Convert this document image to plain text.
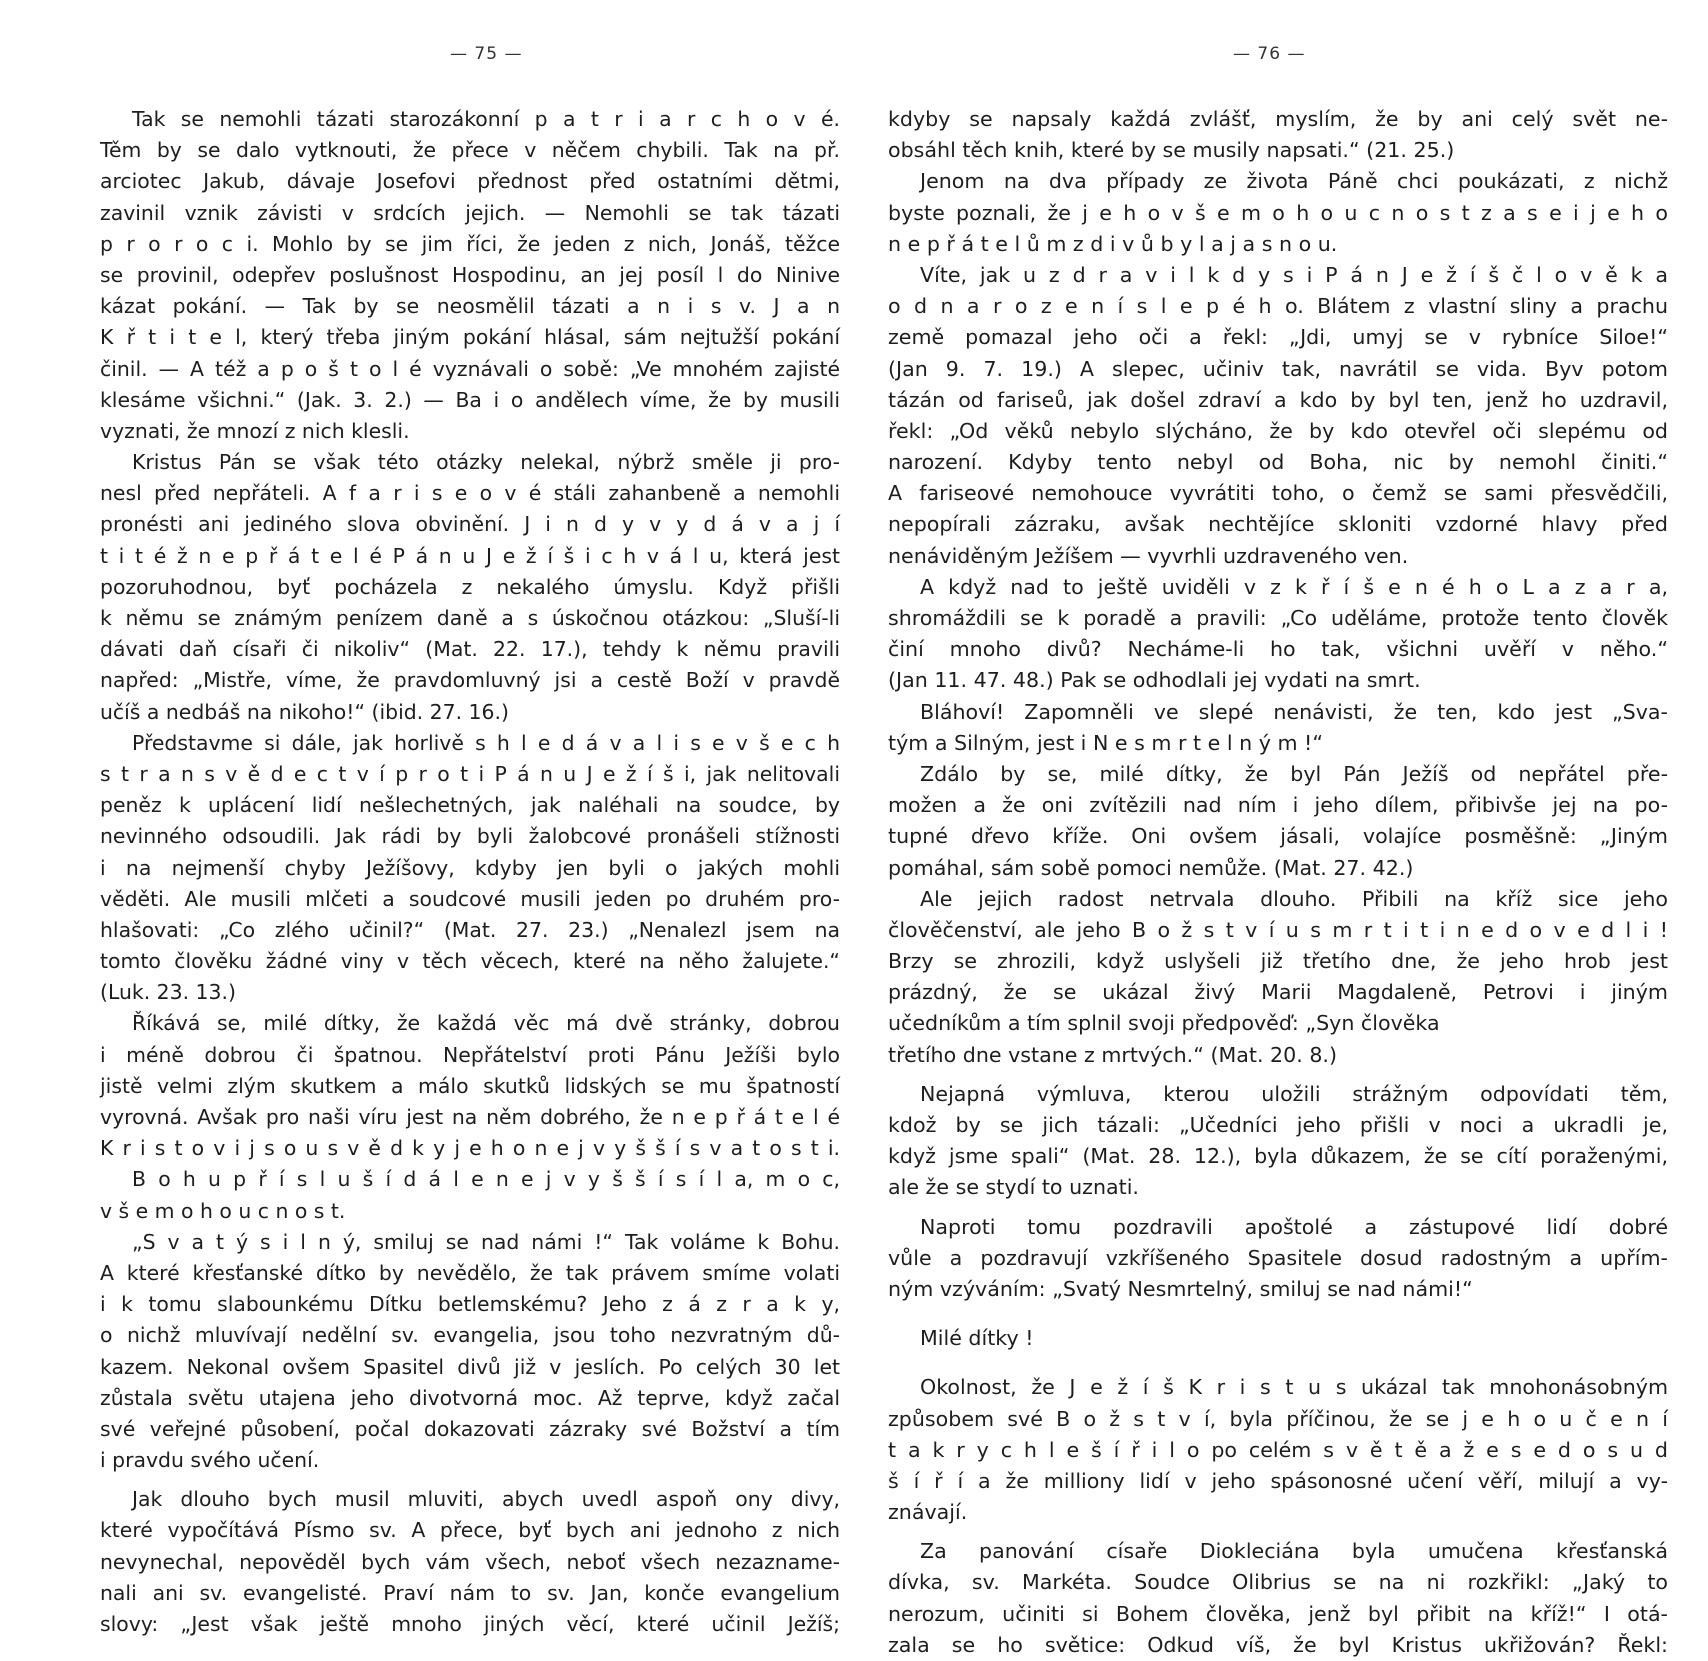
— 75 —
Tak se nemohli tázati starozákonní p a t r i a r c h o v é.
Těm by se dalo vytknouti, že přece v něčem chybili. Tak na př.
arciotec Jakub, dávaje Josefovi přednost před ostatními dětmi,
zavinil vznik závisti v srdcích jejich. — Nemohli se tak tázati
p r o r o c i. Mohlo by se jim říci, že jeden z nich, Jonáš, těžce
se provinil, odepřev poslušnost Hospodinu, an jej posíl l do Ninive
kázat pokání. — Tak by se neosmělil tázati a n i s v. J a n
K ř t i t e l, který třeba jiným pokání hlásal, sám nejtužší pokání
činil. — A též a p o š t o l é vyznávali o sobě: „Ve mnohém zajisté
klesáme všichni.“ (Jak. 3. 2.) — Ba i o andělech víme, že by musili
vyznati, že mnozí z nich klesli.
Kristus Pán se však této otázky nelekal, nýbrž směle ji pro-
nesl před nepřáteli. A f a r i s e o v é stáli zahanbeně a nemohli
pronésti ani jediného slova obvinění. J i n d y v y d á v a j í
t i t é ž n e p ř á t e l é P á n u J e ž í š i c h v á l u, která jest
pozoruhodnou, byť pocházela z nekalého úmyslu. Když přišli
k němu se známým penízem daně a s úskočnou otázkou: „Sluší-li
dávati daň císaři či nikoliv“ (Mat. 22. 17.), tehdy k němu pravili
napřed: „Mistře, víme, že pravdomluvný jsi a cestě Boží v pravdě
učíš a nedbáš na nikoho!“ (ibid. 27. 16.)
Představme si dále, jak horlivě s h l e d á v a l i s e v š e c h
s t r a n s v ě d e c t v í p r o t i P á n u J e ž í š i, jak nelitovali
peněz k uplácení lidí nešlechetných, jak naléhali na soudce, by
nevinného odsoudili. Jak rádi by byli žalobcové pronášeli stížnosti
i na nejmenší chyby Ježíšovy, kdyby jen byli o jakých mohli
věděti. Ale musili mlčeti a soudcové musili jeden po druhém pro-
hlašovati: „Co zlého učinil?“ (Mat. 27. 23.) „Nenalezl jsem na
tomto člověku žádné viny v těch věcech, které na něho žalujete.“
(Luk. 23. 13.)
Říkává se, milé dítky, že každá věc má dvě stránky, dobrou
i méně dobrou či špatnou. Nepřátelství proti Pánu Ježíši bylo
jistě velmi zlým skutkem a málo skutků lidských se mu špatností
vyrovná. Avšak pro naši víru jest na něm dobrého, že n e p ř á t e l é
K r i s t o v i j s o u s v ě d k y j e h o n e j v y š š í s v a t o s t i.
B o h u p ř í s l u š í d á l e n e j v y š š í s í l a, m o c,
v š e m o h o u c n o s t.
„S v a t ý s i l n ý, smiluj se nad námi !“ Tak voláme k Bohu.
A které křesťanské dítko by nevědělo, že tak právem smíme volati
i k tomu slabounkému Dítku betlemskému? Jeho z á z r a k y,
o nichž mluvívají nedělní sv. evangelia, jsou toho nezvratným dů-
kazem. Nekonal ovšem Spasitel divů již v jeslích. Po celých 30 let
zůstala světu utajena jeho divotvorná moc. Až teprve, když začal
své veřejné působení, počal dokazovati zázraky své Božství a tím
i pravdu svého učení.
Jak dlouho bych musil mluviti, abych uvedl aspoň ony divy,
které vypočítává Písmo sv. A přece, byť bych ani jednoho z nich
nevynechal, nepověděl bych vám všech, neboť všech nezazname-
nali ani sv. evangelisté. Praví nám to sv. Jan, konče evangelium
slovy: „Jest však ještě mnoho jiných věcí, které učinil Ježíš;
— 76 —
kdyby se napsaly každá zvlášť, myslím, že by ani celý svět ne-
obsáhl těch knih, které by se musily napsati.“ (21. 25.)
Jenom na dva případy ze života Páně chci poukázati, z nichž
byste poznali, že j e h o v š e m o h o u c n o s t z a s e i j e h o
n e p ř á t e l ů m z d i v ů b y l a j a s n o u.
Víte, jak u z d r a v i l k d y s i P á n J e ž í š č l o v ě k a
o d n a r o z e n í s l e p é h o. Blátem z vlastní sliny a prachu
země pomazal jeho oči a řekl: „Jdi, umyj se v rybníce Siloe!“
(Jan 9. 7. 19.) A slepec, učiniv tak, navrátil se vida. Byv potom
tázán od fariseů, jak došel zdraví a kdo by byl ten, jenž ho uzdravil,
řekl: „Od věků nebylo slýcháno, že by kdo otevřel oči slepému od
narození. Kdyby tento nebyl od Boha, nic by nemohl činiti.“
A fariseové nemohouce vyvrátiti toho, o čemž se sami přesvědčili,
nepopírali zázraku, avšak nechtějíce skloniti vzdorné hlavy před
nenáviděným Ježíšem — vyvrhli uzdraveného ven.
A když nad to ještě uviděli v z k ř í š e n é h o L a z a r a,
shromáždili se k poradě a pravili: „Co uděláme, protože tento člověk
činí mnoho divů? Necháme-li ho tak, všichni uvěří v něho.“
(Jan 11. 47. 48.) Pak se odhodlali jej vydati na smrt.
Bláhoví! Zapomněli ve slepé nenávisti, že ten, kdo jest „Sva-
tým a Silným, jest i N e s m r t e l n ý m !“
Zdálo by se, milé dítky, že byl Pán Ježíš od nepřátel pře-
možen a že oni zvítězili nad ním i jeho dílem, přibivše jej na po-
tupné dřevo kříže. Oni ovšem jásali, volajíce posměšně: „Jiným
pomáhal, sám sobě pomoci nemůže. (Mat. 27. 42.)
Ale jejich radost netrvala dlouho. Přibili na kříž sice jeho
člověčenství, ale jeho B o ž s t v í u s m r t i t i n e d o v e d l i !
Brzy se zhrozili, když uslyšeli již třetího dne, že jeho hrob jest
prázdný, že se ukázal živý Marii Magdaleně, Petrovi i jiným
učedníkům a tím splnil svoji předpověď: „Syn člověka
třetího dne vstane z mrtvých.“ (Mat. 20. 8.)
Nejapná výmluva, kterou uložili strážným odpovídati těm,
kdož by se jich tázali: „Učedníci jeho přišli v noci a ukradli je,
když jsme spali“ (Mat. 28. 12.), byla důkazem, že se cítí poraženými,
ale že se stydí to uznati.
Naproti tomu pozdravili apoštolé a zástupové lidí dobré
vůle a pozdravují vzkříšeného Spasitele dosud radostným a upřím-
ným vzýváním: „Svatý Nesmrtelný, smiluj se nad námi!“
Milé dítky !
Okolnost, že J e ž í š K r i s t u s ukázal tak mnohonásobným
způsobem své B o ž s t v í, byla příčinou, že se j e h o u č e n í
t a k r y c h l e š í ř i l o po celém s v ě t ě a ž e s e d o s u d
š í ř í a že milliony lidí v jeho spásonosné učení věří, milují a vy-
znávají.
Za panování císaře Diokleciána byla umučena křesťanská
dívka, sv. Markéta. Soudce Olibrius se na ni rozkřikl: „Jaký to
nerozum, učiniti si Bohem člověka, jenž byl přibit na kříž!“ I otá-
zala se ho světice: Odkud víš, že byl Kristus ukřižován? Řekl:
